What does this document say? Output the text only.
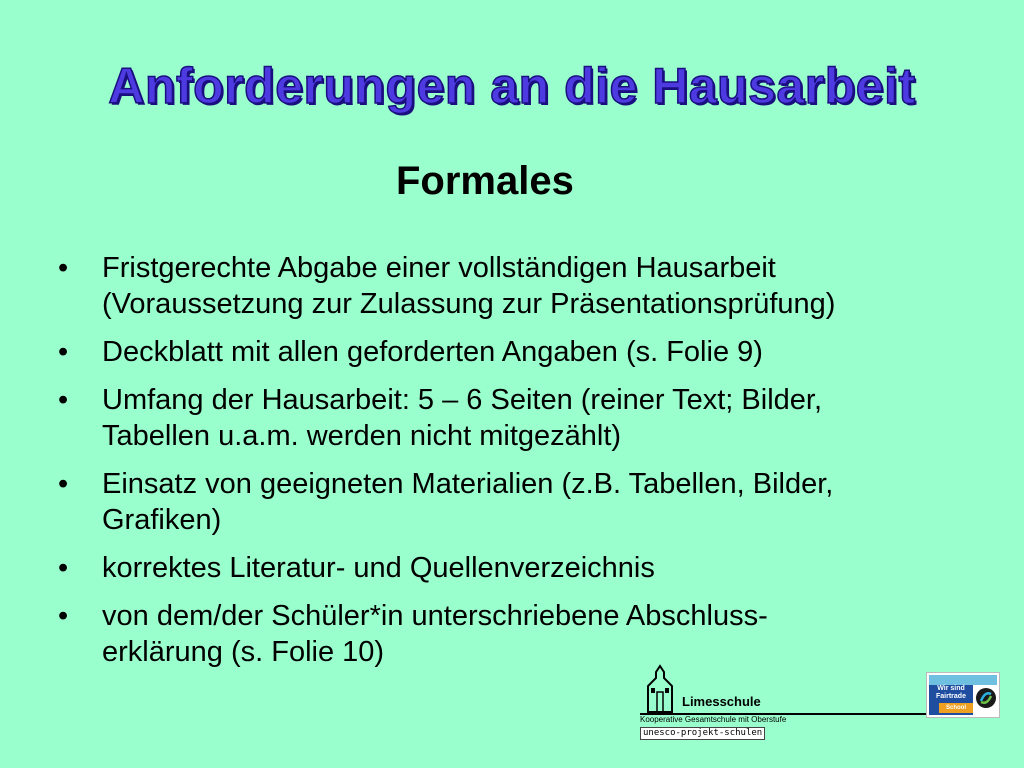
Anforderungen an die Hausarbeit
Formales
•	Fristgerechte Abgabe einer vollständigen Hausarbeit
(Voraussetzung zur Zulassung zur Präsentationsprüfung)
•	Deckblatt mit allen geforderten Angaben (s. Folie 9)
•	Umfang der Hausarbeit: 5 – 6 Seiten (reiner Text; Bilder,
Tabellen u.a.m. werden nicht mitgezählt)
•	Einsatz von geeigneten Materialien (z.B. Tabellen, Bilder,
Grafiken)
•	korrektes Literatur- und Quellenverzeichnis
•	von dem/der Schüler*in unterschriebene Abschluss-
erklärung (s. Folie 10)
Limesschule
Kooperative Gesamtschule mit Oberstufe
unesco-projekt-schulen
Wir sind
Fairtrade
School
